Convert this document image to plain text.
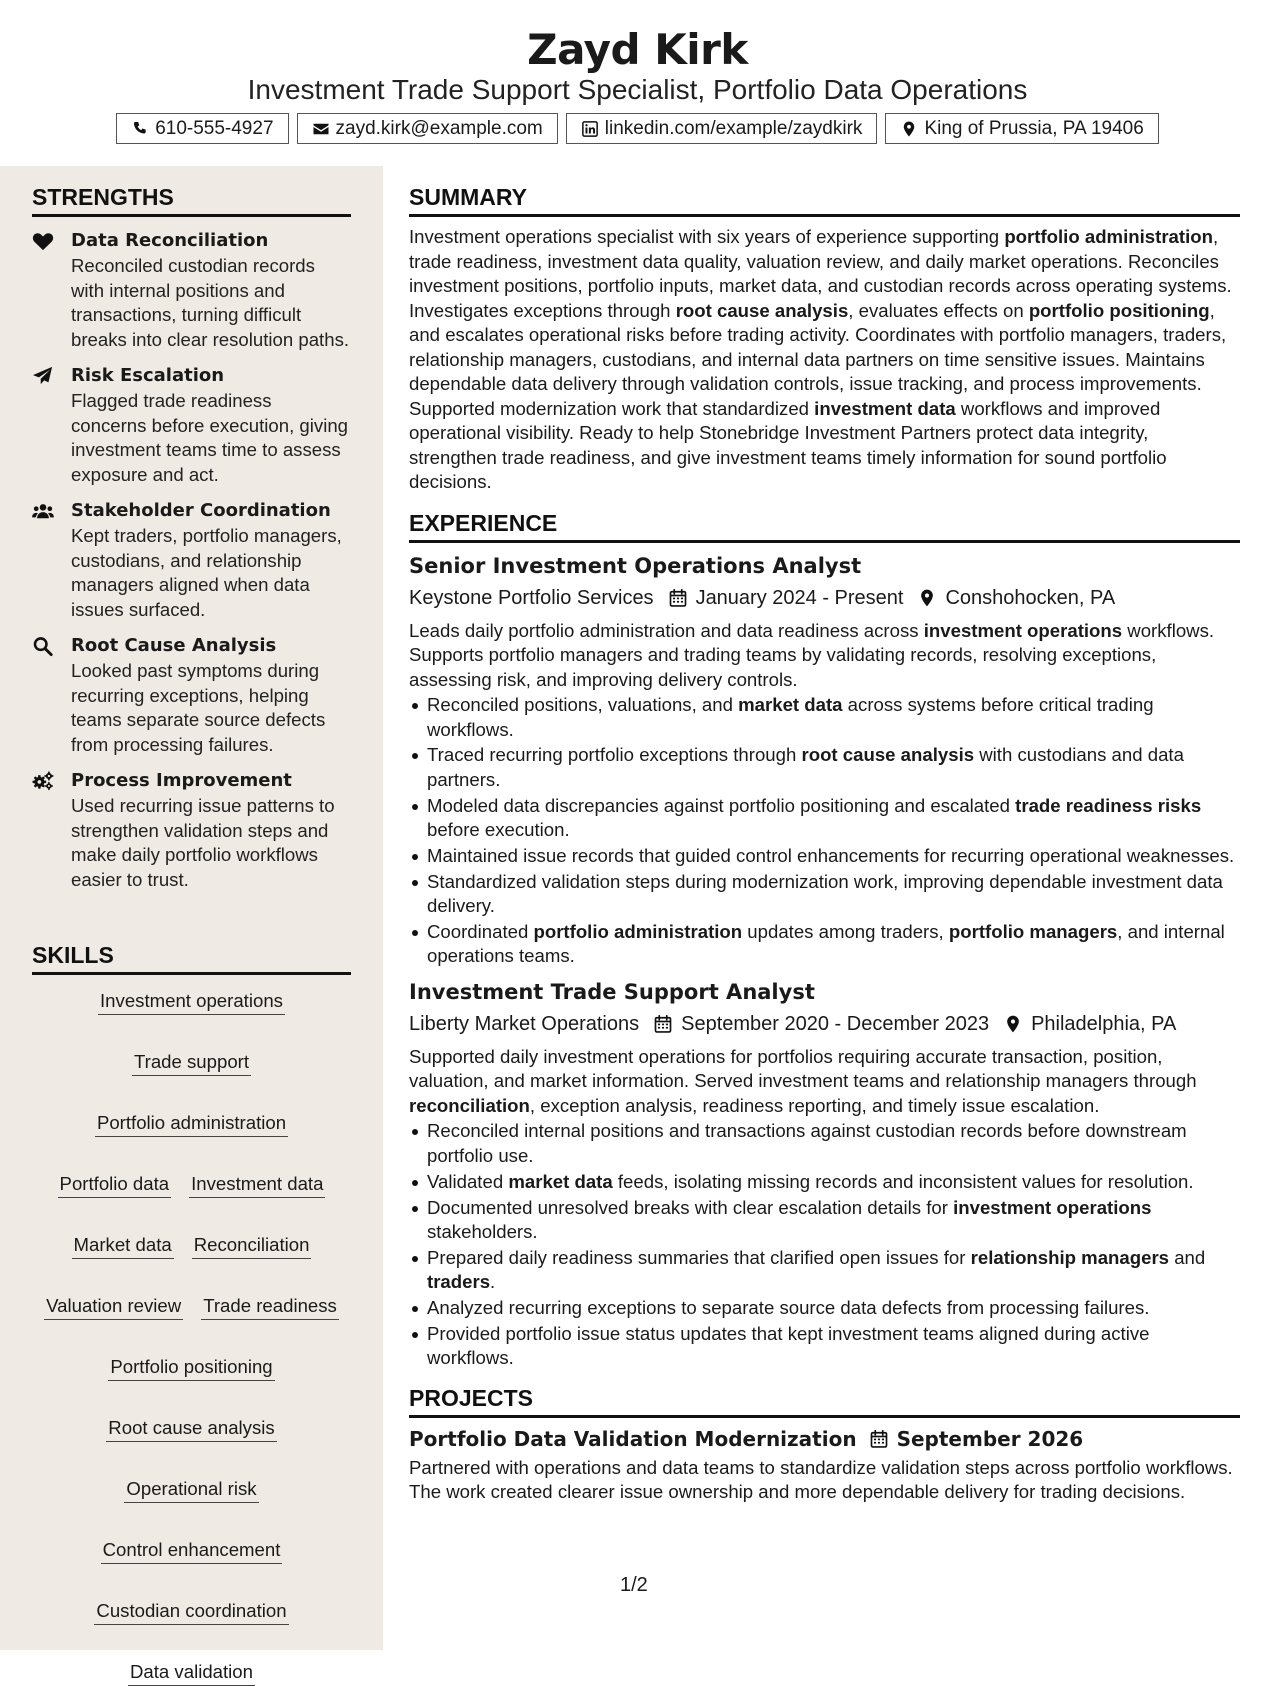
Zayd Kirk
Investment Trade Support Specialist, Portfolio Data Operations
610-555-4927	zayd.kirk@example.com	linkedin.com/example/zaydkirk	King of Prussia, PA 19406
STRENGTHS
Data Reconciliation
Reconciled custodian records with internal positions and transactions, turning difficult breaks into clear resolution paths.
Risk Escalation
Flagged trade readiness concerns before execution, giving investment teams time to assess exposure and act.
Stakeholder Coordination
Kept traders, portfolio managers, custodians, and relationship managers aligned when data issues surfaced.
Root Cause Analysis
Looked past symptoms during recurring exceptions, helping teams separate source defects from processing failures.
Process Improvement
Used recurring issue patterns to strengthen validation steps and make daily portfolio workflows easier to trust.
SKILLS
Investment operations
Trade support
Portfolio administration
Portfolio data Investment data
Market data Reconciliation
Valuation review Trade readiness
Portfolio positioning
Root cause analysis
Operational risk
Control enhancement
Custodian coordination
Data validation
SUMMARY

Investment operations specialist with six years of experience supporting portfolio administration, trade readiness, investment data quality, valuation review, and daily market operations. Reconciles investment positions, portfolio inputs, market data, and custodian records across operating systems. Investigates exceptions through root cause analysis, evaluates effects on portfolio positioning, and escalates operational risks before trading activity. Coordinates with portfolio managers, traders, relationship managers, custodians, and internal data partners on time sensitive issues. Maintains dependable data delivery through validation controls, issue tracking, and process improvements. Supported modernization work that standardized investment data workflows and improved operational visibility. Ready to help Stonebridge Investment Partners protect data integrity, strengthen trade readiness, and give investment teams timely information for sound portfolio decisions.

EXPERIENCE
Senior Investment Operations Analyst
Keystone Portfolio Services January 2024 - Present Conshohocken, PA
Leads daily portfolio administration and data readiness across investment operations workflows. Supports portfolio managers and trading teams by validating records, resolving exceptions, assessing risk, and improving delivery controls.
Reconciled positions, valuations, and market data across systems before critical trading workflows.
Traced recurring portfolio exceptions through root cause analysis with custodians and data partners.
Modeled data discrepancies against portfolio positioning and escalated trade readiness risks before execution.
Maintained issue records that guided control enhancements for recurring operational weaknesses.
Standardized validation steps during modernization work, improving dependable investment data delivery.
Coordinated portfolio administration updates among traders, portfolio managers, and internal operations teams.
Investment Trade Support Analyst
Liberty Market Operations September 2020 - December 2023 Philadelphia, PA
Supported daily investment operations for portfolios requiring accurate transaction, position, valuation, and market information. Served investment teams and relationship managers through reconciliation, exception analysis, readiness reporting, and timely issue escalation.
Reconciled internal positions and transactions against custodian records before downstream portfolio use.
Validated market data feeds, isolating missing records and inconsistent values for resolution.
Documented unresolved breaks with clear escalation details for investment operations stakeholders.
Prepared daily readiness summaries that clarified open issues for relationship managers and traders.
Analyzed recurring exceptions to separate source data defects from processing failures.
Provided portfolio issue status updates that kept investment teams aligned during active workflows.
PROJECTS
Portfolio Data Validation Modernization September 2026
Partnered with operations and data teams to standardize validation steps across portfolio workflows. The work created clearer issue ownership and more dependable delivery for trading decisions.
1/2
